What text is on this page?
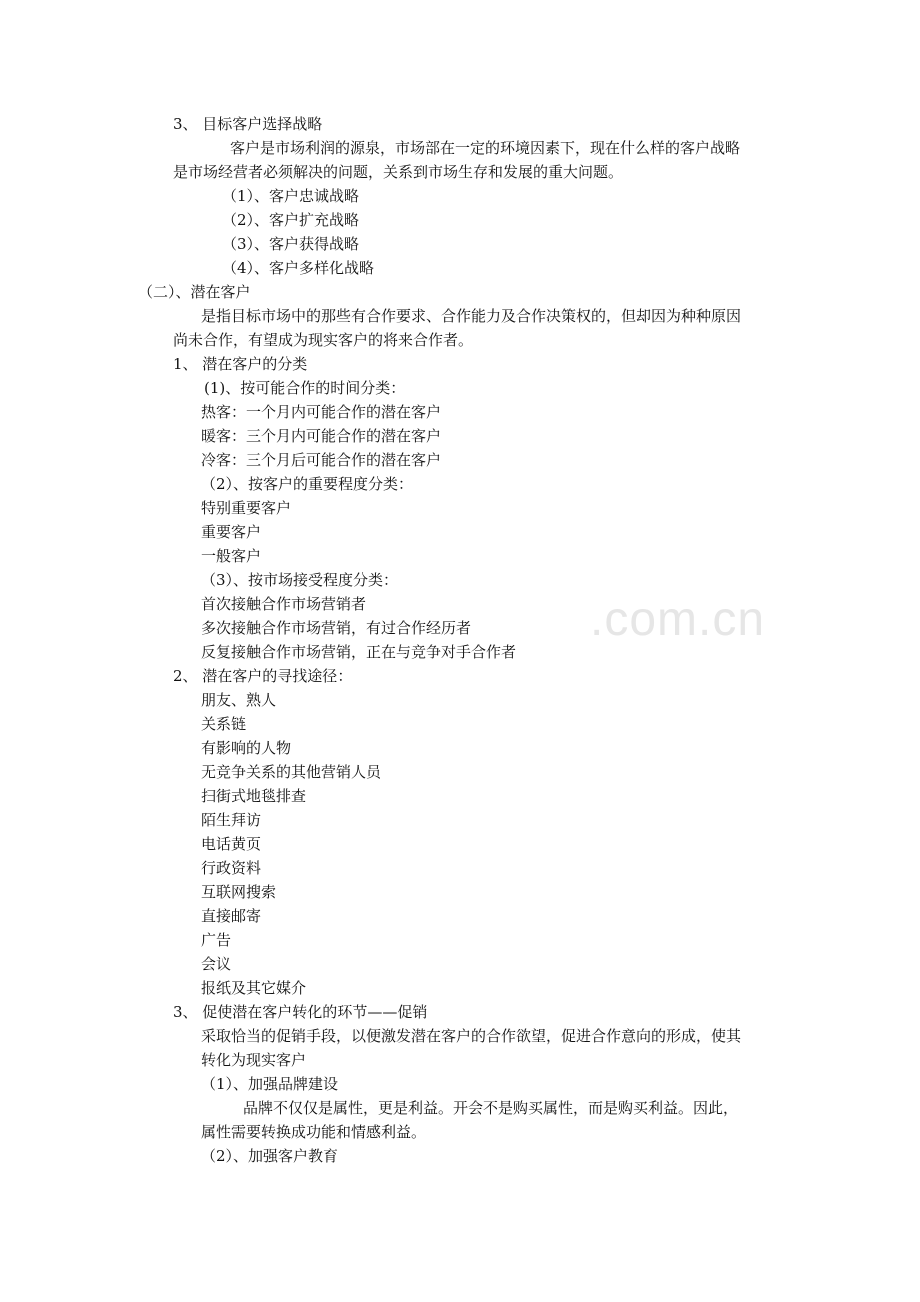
.com.cn
3、 目标客户选择战略
客户是市场利润的源泉，市场部在一定的环境因素下，现在什么样的客户战略
是市场经营者必须解决的问题，关系到市场生存和发展的重大问题。
（1）、客户忠诚战略
（2）、客户扩充战略
（3）、客户获得战略
（4）、客户多样化战略
（二）、潜在客户
是指目标市场中的那些有合作要求、合作能力及合作决策权的，但却因为种种原因
尚未合作，有望成为现实客户的将来合作者。
1、 潜在客户的分类
(1)、按可能合作的时间分类：
热客：一个月内可能合作的潜在客户
暖客：三个月内可能合作的潜在客户
冷客：三个月后可能合作的潜在客户
（2）、按客户的重要程度分类：
特别重要客户
重要客户
一般客户
（3）、按市场接受程度分类：
首次接触合作市场营销者
多次接触合作市场营销，有过合作经历者
反复接触合作市场营销，正在与竞争对手合作者
2、 潜在客户的寻找途径：
朋友、熟人
关系链
有影响的人物
无竞争关系的其他营销人员
扫街式地毯排查
陌生拜访
电话黄页
行政资料
互联网搜索
直接邮寄
广告
会议
报纸及其它媒介
3、 促使潜在客户转化的环节——促销
采取恰当的促销手段，以便激发潜在客户的合作欲望，促进合作意向的形成，使其
转化为现实客户
（1）、加强品牌建设
品牌不仅仅是属性，更是利益。开会不是购买属性，而是购买利益。因此，
属性需要转换成功能和情感利益。
（2）、加强客户教育
